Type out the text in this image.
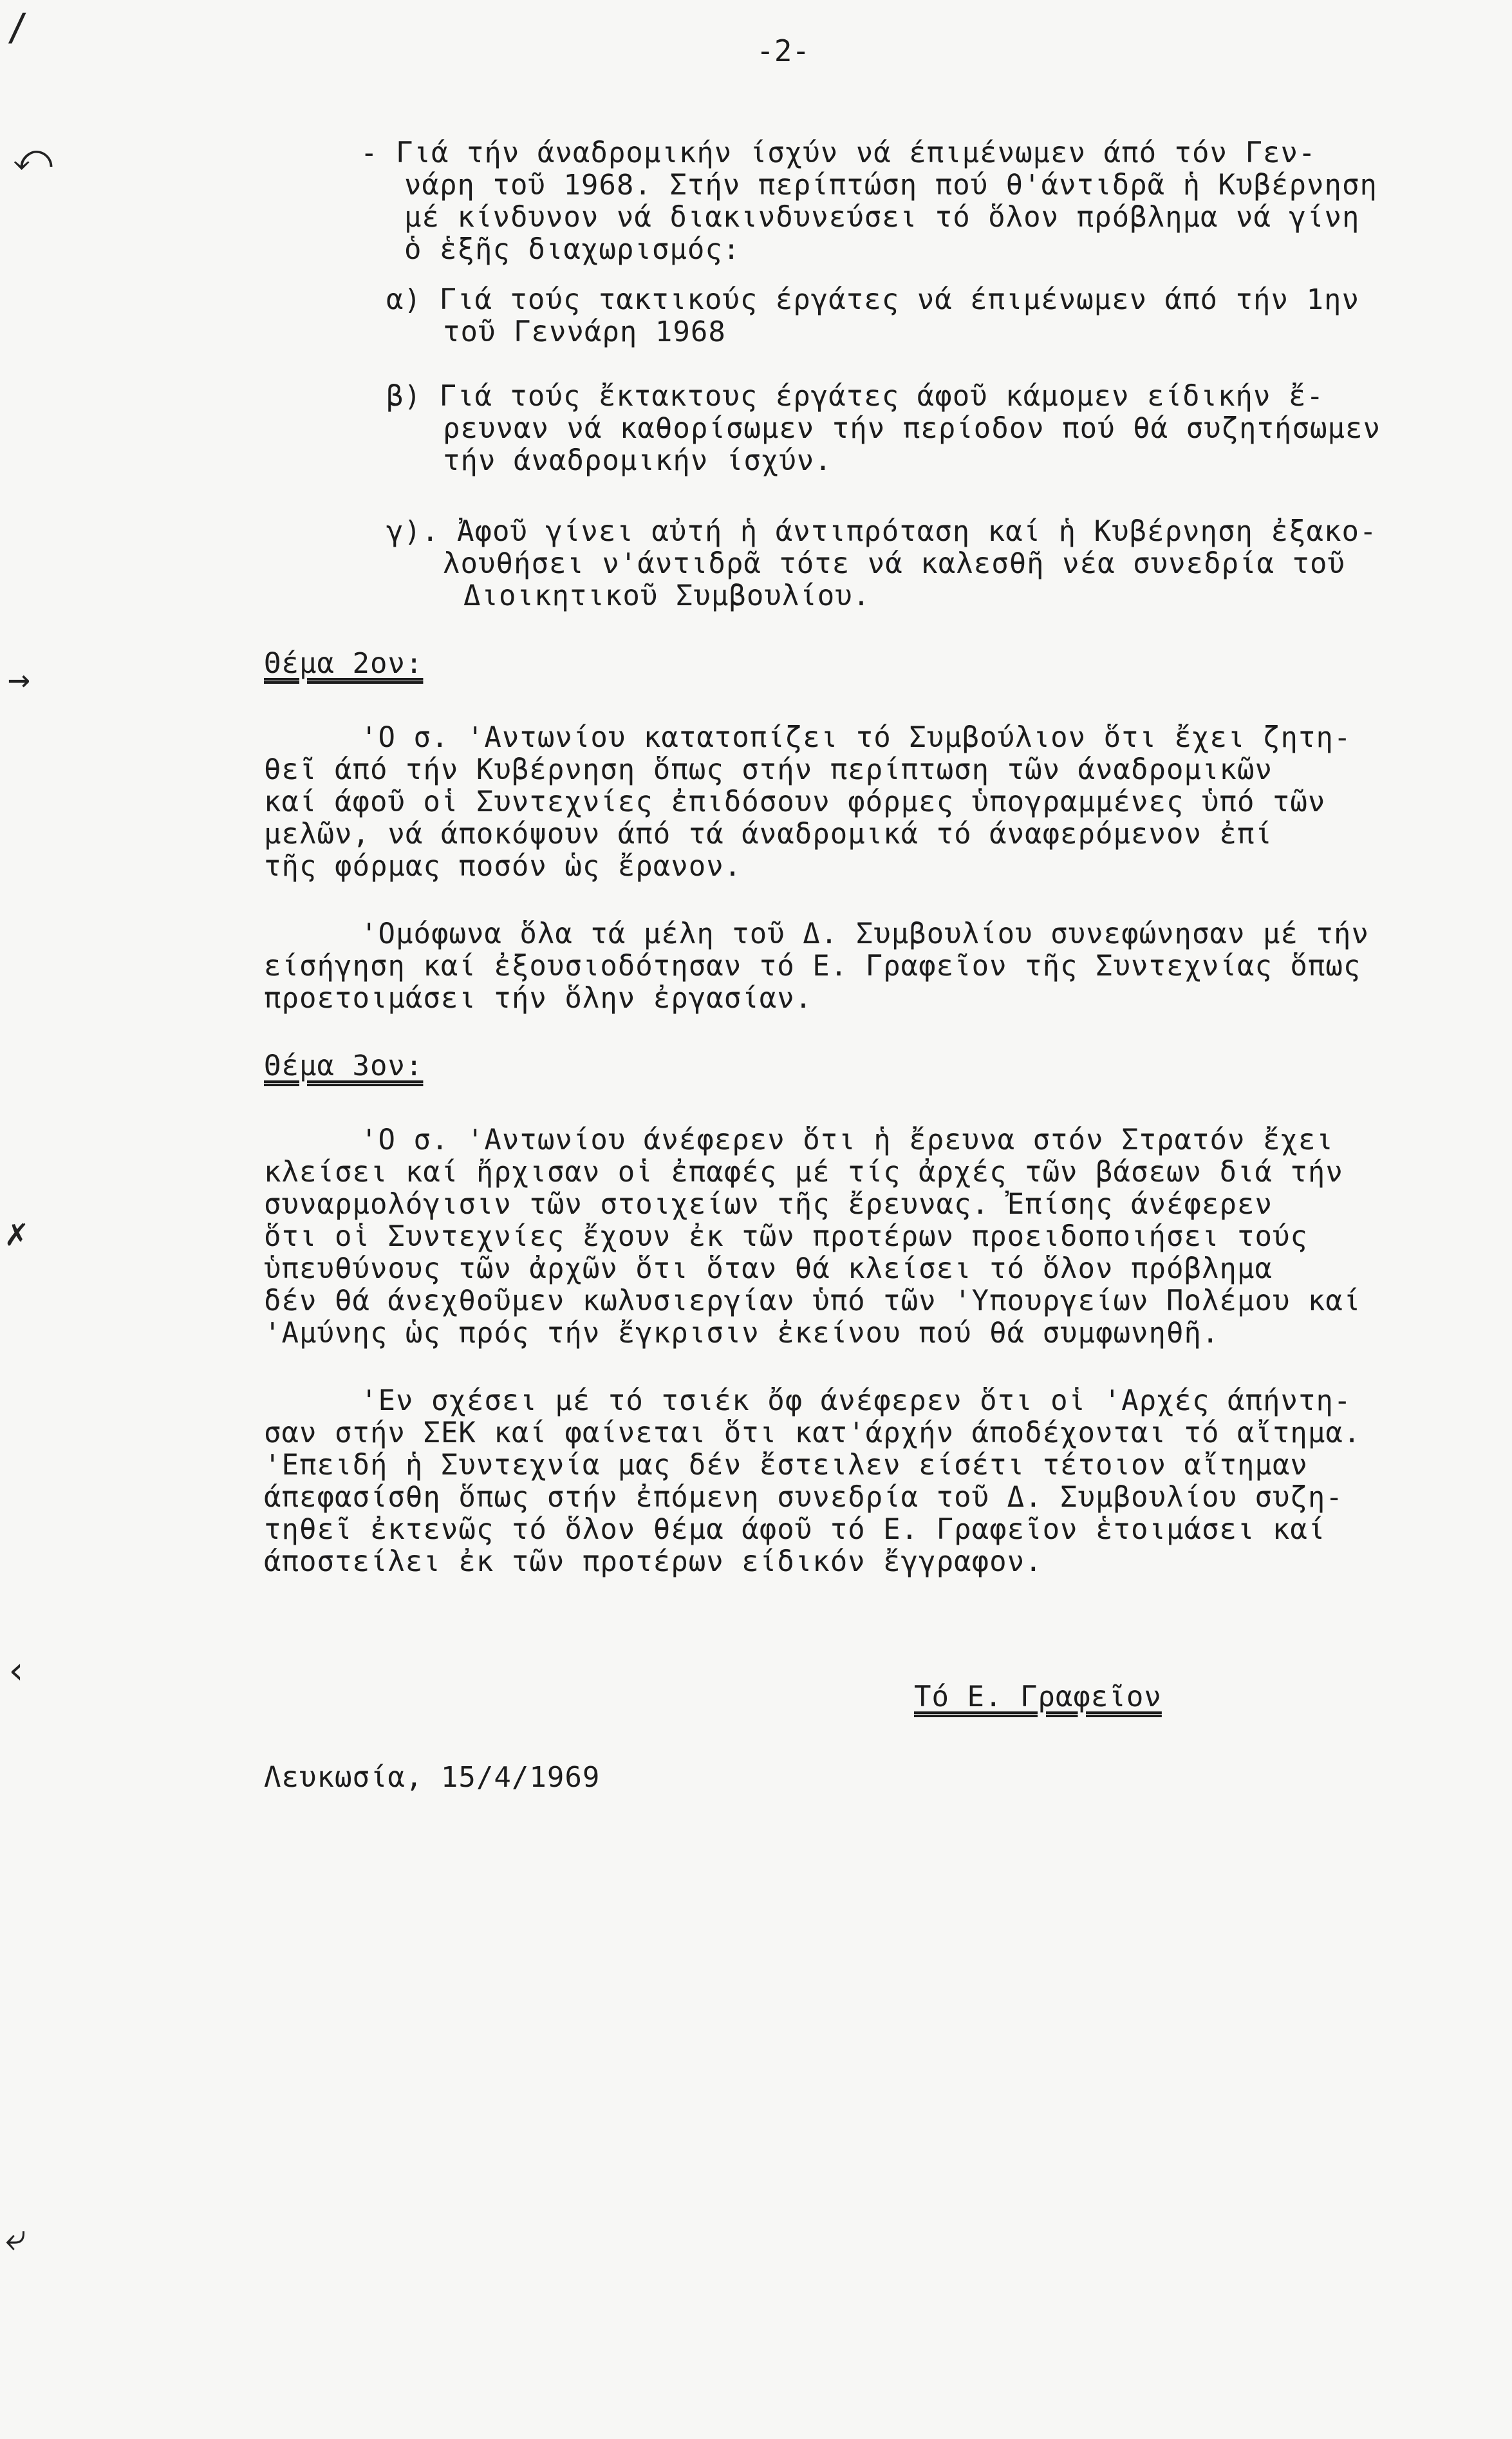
-2-
- Γιά τήν άναδρομικήν ίσχύν νά έπιμένωμεν άπό τόν Γεν-
νάρη τοῦ 1968. Στήν περίπτώση πού θ'άντιδρᾶ ἡ Κυβέρνηση
μέ κίνδυνον νά διακινδυνεύσει τό ὅλον πρόβλημα νά γίνη
ὁ ἑξῆς διαχωρισμός:
α) Γιά τούς τακτικούς έργάτες νά έπιμένωμεν άπό τήν 1ην
τοῦ Γεννάρη 1968
β) Γιά τούς ἔκτακτους έργάτες άφοῦ κάμομεν είδικήν ἔ-
ρευναν νά καθορίσωμεν τήν περίοδον πού θά συζητήσωμεν
τήν άναδρομικήν ίσχύν.
γ). Ἀφοῦ γίνει αὐτή ἡ άντιπρόταση καί ἡ Κυβέρνηση ἐξακο-
λουθήσει ν'άντιδρᾶ τότε νά καλεσθῆ νέα συνεδρία τοῦ
Διοικητικοῦ Συμβουλίου.
Θέμα 2ον:
'Ο σ. 'Αντωνίου κατατοπίζει τό Συμβούλιον ὅτι ἔχει ζητη-
θεῖ άπό τήν Κυβέρνηση ὅπως στήν περίπτωση τῶν άναδρομικῶν
καί άφοῦ οἱ Συντεχνίες ἐπιδόσουν φόρμες ὑπογραμμένες ὑπό τῶν
μελῶν, νά άποκόψουν άπό τά άναδρομικά τό άναφερόμενον ἐπί
τῆς φόρμας ποσόν ὡς ἔρανον.
'Ομόφωνα ὅλα τά μέλη τοῦ Δ. Συμβουλίου συνεφώνησαν μέ τήν
είσήγηση καί ἐξουσιοδότησαν τό Ε. Γραφεῖον τῆς Συντεχνίας ὅπως
προετοιμάσει τήν ὅλην ἐργασίαν.
Θέμα 3ον:
'Ο σ. 'Αντωνίου άνέφερεν ὅτι ἡ ἔρευνα στόν Στρατόν ἔχει
κλείσει καί ἤρχισαν οἱ ἐπαφές μέ τίς ἀρχές τῶν βάσεων διά τήν
συναρμολόγισιν τῶν στοιχείων τῆς ἔρευνας. Ἐπίσης άνέφερεν
ὅτι οἱ Συντεχνίες ἔχουν ἐκ τῶν προτέρων προειδοποιήσει τούς
ὑπευθύνους τῶν ἀρχῶν ὅτι ὅταν θά κλείσει τό ὅλον πρόβλημα
δέν θά άνεχθοῦμεν κωλυσιεργίαν ὑπό τῶν 'Υπουργείων Πολέμου καί
'Αμύνης ὡς πρός τήν ἔγκρισιν ἐκείνου πού θά συμφωνηθῆ.
'Εν σχέσει μέ τό τσιέκ ὄφ άνέφερεν ὅτι οἱ 'Αρχές άπήντη-
σαν στήν ΣΕΚ καί φαίνεται ὅτι κατ'άρχήν άποδέχονται τό αἴτημα.
'Επειδή ἡ Συντεχνία μας δέν ἔστειλεν είσέτι τέτοιον αἴτημαν
άπεφασίσθη ὅπως στήν ἐπόμενη συνεδρία τοῦ Δ. Συμβουλίου συζη-
τηθεῖ ἐκτενῶς τό ὅλον θέμα άφοῦ τό Ε. Γραφεῖον ἑτοιμάσει καί
άποστείλει ἐκ τῶν προτέρων είδικόν ἔγγραφον.
Τό Ε. Γραφεῖον
Λευκωσία, 15/4/1969
/
⤺
→
✗
‹
⤶
